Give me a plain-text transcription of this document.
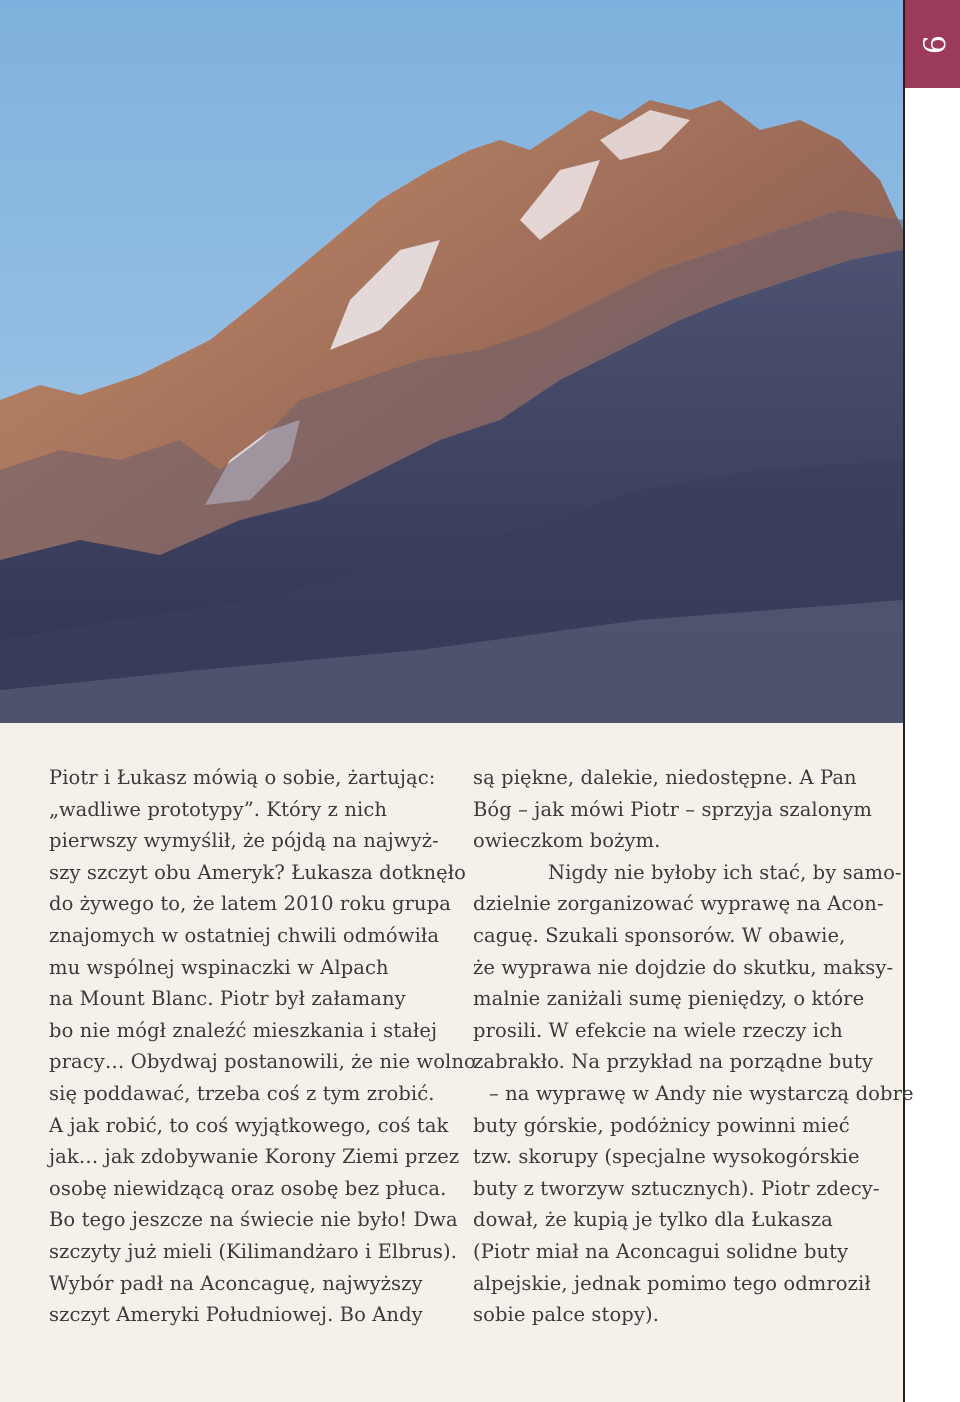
9
Piotr i Łukasz mówią o sobie, żartując:
„wadliwe prototypy”. Który z nich
pierwszy wymyślił, że pójdą na najwyż-
szy szczyt obu Ameryk? Łukasza dotknęło
do żywego to, że latem 2010 roku grupa
znajomych w ostatniej chwili odmówiła
mu wspólnej wspinaczki w Alpach
na Mount Blanc. Piotr był załamany
bo nie mógł znaleźć mieszkania i stałej
pracy… Obydwaj postanowili, że nie wolno
się poddawać, trzeba coś z tym zrobić.
A jak robić, to coś wyjątkowego, coś tak
jak… jak zdobywanie Korony Ziemi przez
osobę niewidzącą oraz osobę bez płuca.
Bo tego jeszcze na świecie nie było! Dwa
szczyty już mieli (Kilimandżaro i Elbrus).
Wybór padł na Aconcaguę, najwyższy
szczyt Ameryki Południowej. Bo Andy
są piękne, dalekie, niedostępne. A Pan
Bóg – jak mówi Piotr – sprzyja szalonym
owieczkom bożym.
Nigdy nie byłoby ich stać, by samo-
dzielnie zorganizować wyprawę na Acon-
caguę. Szukali sponsorów. W obawie,
że wyprawa nie dojdzie do skutku, maksy-
malnie zaniżali sumę pieniędzy, o które
prosili. W efekcie na wiele rzeczy ich
zabrakło. Na przykład na porządne buty
– na wyprawę w Andy nie wystarczą dobre
buty górskie, podóżnicy powinni mieć
tzw. skorupy (specjalne wysokogórskie
buty z tworzyw sztucznych). Piotr zdecy-
dował, że kupią je tylko dla Łukasza
(Piotr miał na Aconcagui solidne buty
alpejskie, jednak pomimo tego odmroził
sobie palce stopy).
